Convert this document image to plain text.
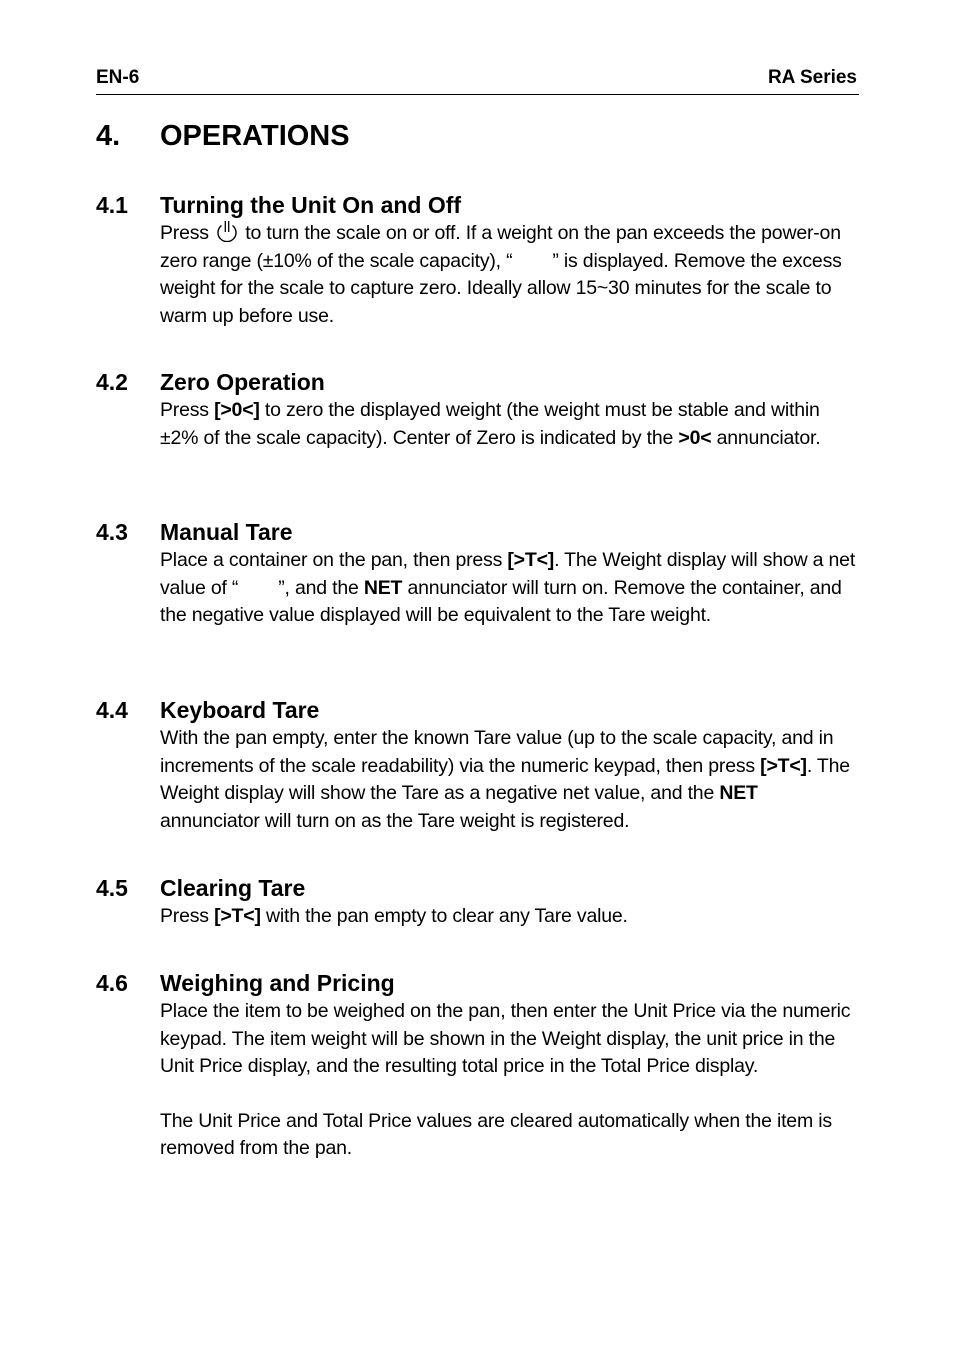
EN-6	RA Series
4. OPERATIONS
4.1 Turning the Unit On and Off

Press  to turn the scale on or off. If a weight on the pan exceeds the power-on zero range (±10% of the scale capacity), “ ” is displayed. Remove the excess weight for the scale to capture zero. Ideally allow 15~30 minutes for the scale to warm up before use.

4.2 Zero Operation

Press [>0<] to zero the displayed weight (the weight must be stable and within ±2% of the scale capacity). Center of Zero is indicated by the >0< annunciator.

4.3 Manual Tare

Place a container on the pan, then press [>T<]. The Weight display will show a net value of “ ”, and the NET annunciator will turn on. Remove the container, and the negative value displayed will be equivalent to the Tare weight.

4.4 Keyboard Tare

With the pan empty, enter the known Tare value (up to the scale capacity, and in increments of the scale readability) via the numeric keypad, then press [>T<]. The Weight display will show the Tare as a negative net value, and the NET annunciator will turn on as the Tare weight is registered.

4.5 Clearing Tare

Press [>T<] with the pan empty to clear any Tare value.

4.6 Weighing and Pricing

Place the item to be weighed on the pan, then enter the Unit Price via the numeric keypad. The item weight will be shown in the Weight display, the unit price in the Unit Price display, and the resulting total price in the Total Price display.

The Unit Price and Total Price values are cleared automatically when the item is removed from the pan.
